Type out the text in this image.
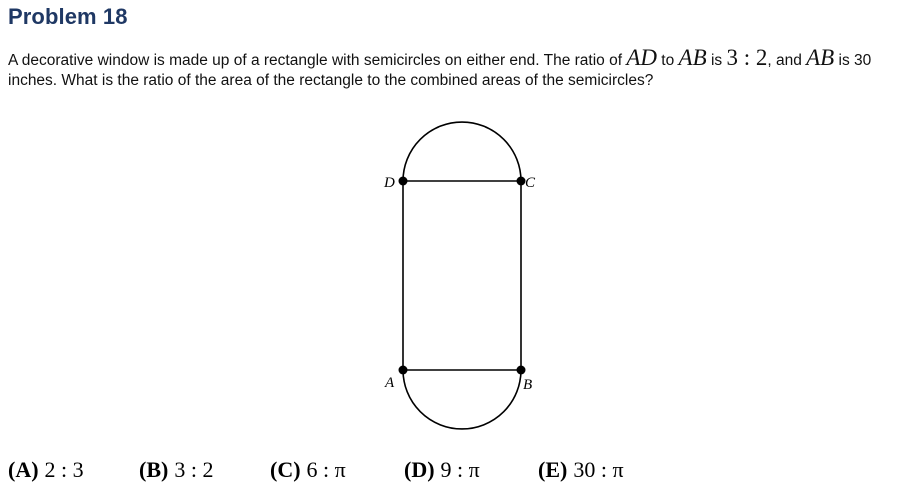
Problem 18
A decorative window is made up of a rectangle with semicircles on either end. The ratio of AD to AB is 3 : 2, and AB is 30 inches. What is the ratio of the area of the rectangle to the combined areas of the semicircles?
D	C
A	B
(A) 2 : 3	(B) 3 : 2	(C) 6 : π	(D) 9 : π	(E) 30 : π
